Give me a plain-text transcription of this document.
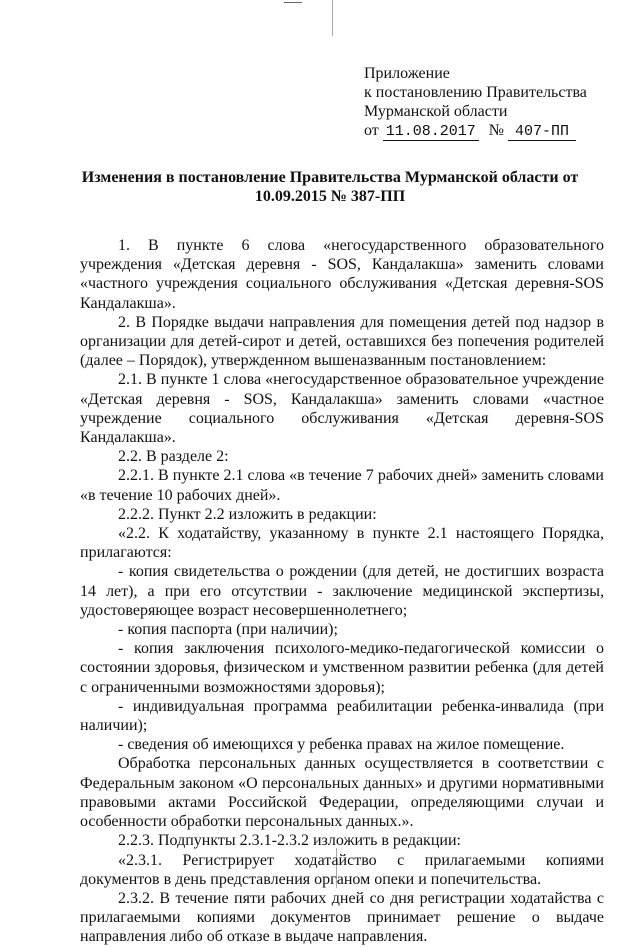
Приложение
к постановлению Правительства
Мурманской области
от 11.08.2017 № 407-ПП
Изменения в постановление Правительства Мурманской области от 10.09.2015 № 387-ПП

1. В пункте 6 слова «негосударственного образовательного учреждения «Детская деревня - SOS, Кандалакша» заменить словами «частного учреждения социального обслуживания «Детская деревня-SOS Кандалакша».

2. В Порядке выдачи направления для помещения детей под надзор в организации для детей-сирот и детей, оставшихся без попечения родителей (далее – Порядок), утвержденном вышеназванным постановлением:

2.1. В пункте 1 слова «негосударственное образовательное учреждение «Детская деревня - SOS, Кандалакша» заменить словами «частное учреждение социального обслуживания «Детская деревня-SOS Кандалакша».

2.2. В разделе 2:

2.2.1. В пункте 2.1 слова «в течение 7 рабочих дней» заменить словами «в течение 10 рабочих дней».

2.2.2. Пункт 2.2 изложить в редакции:

«2.2. К ходатайству, указанному в пункте 2.1 настоящего Порядка, прилагаются:

- копия свидетельства о рождении (для детей, не достигших возраста 14 лет), а при его отсутствии - заключение медицинской экспертизы, удостоверяющее возраст несовершеннолетнего;

- копия паспорта (при наличии);

- копия заключения психолого-медико-педагогической комиссии о состоянии здоровья, физическом и умственном развитии ребенка (для детей с ограниченными возможностями здоровья);

- индивидуальная программа реабилитации ребенка-инвалида (при наличии);

- сведения об имеющихся у ребенка правах на жилое помещение.

Обработка персональных данных осуществляется в соответствии с Федеральным законом «О персональных данных» и другими нормативными правовыми актами Российской Федерации, определяющими случаи и особенности обработки персональных данных.».

2.2.3. Подпункты 2.3.1-2.3.2 изложить в редакции:

«2.3.1. Регистрирует ходатайство с прилагаемыми копиями документов в день представления органом опеки и попечительства.

2.3.2. В течение пяти рабочих дней со дня регистрации ходатайства с прилагаемыми копиями документов принимает решение о выдаче направления либо об отказе в выдаче направления.
